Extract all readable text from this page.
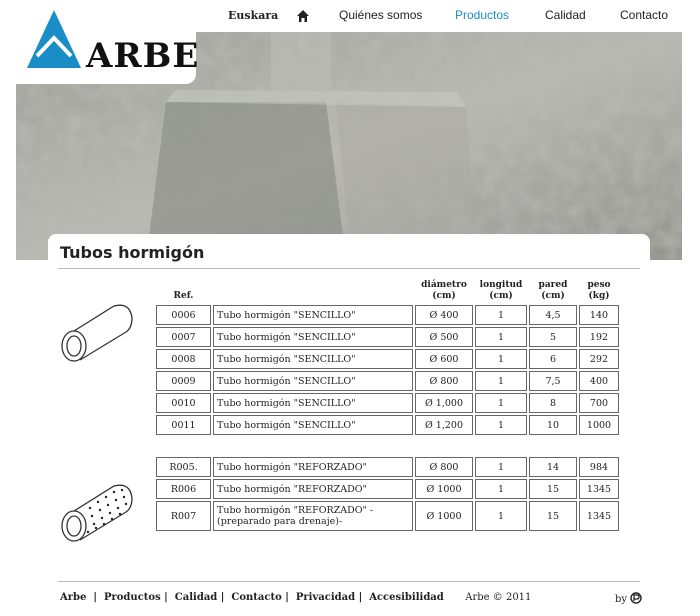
Euskara	Quiénes somos	Productos	Calidad	Contacto
ARBE
Tubos hormigón
Ref.		diámetro (cm)	longitud (cm)	pared (cm)	peso (kg)
0006	Tubo hormigón "SENCILLO"	Ø 400	1	4,5	140
0007	Tubo hormigón "SENCILLO"	Ø 500	1	5	192
0008	Tubo hormigón "SENCILLO"	Ø 600	1	6	292
0009	Tubo hormigón "SENCILLO"	Ø 800	1	7,5	400
0010	Tubo hormigón "SENCILLO"	Ø 1,000	1	8	700
0011	Tubo hormigón "SENCILLO"	Ø 1,200	1	10	1000
R005.	Tubo hormigón "REFORZADO"	Ø 800	1	14	984
R006	Tubo hormigón "REFORZADO"	Ø 1000	1	15	1345
R007	Tubo hormigón "REFORZADO" -(preparado para drenaje)-	Ø 1000	1	15	1345
Arbe  |  Productos |  Calidad |  Contacto |  Privacidad |  Accesibilidad Arbe © 2011	by
